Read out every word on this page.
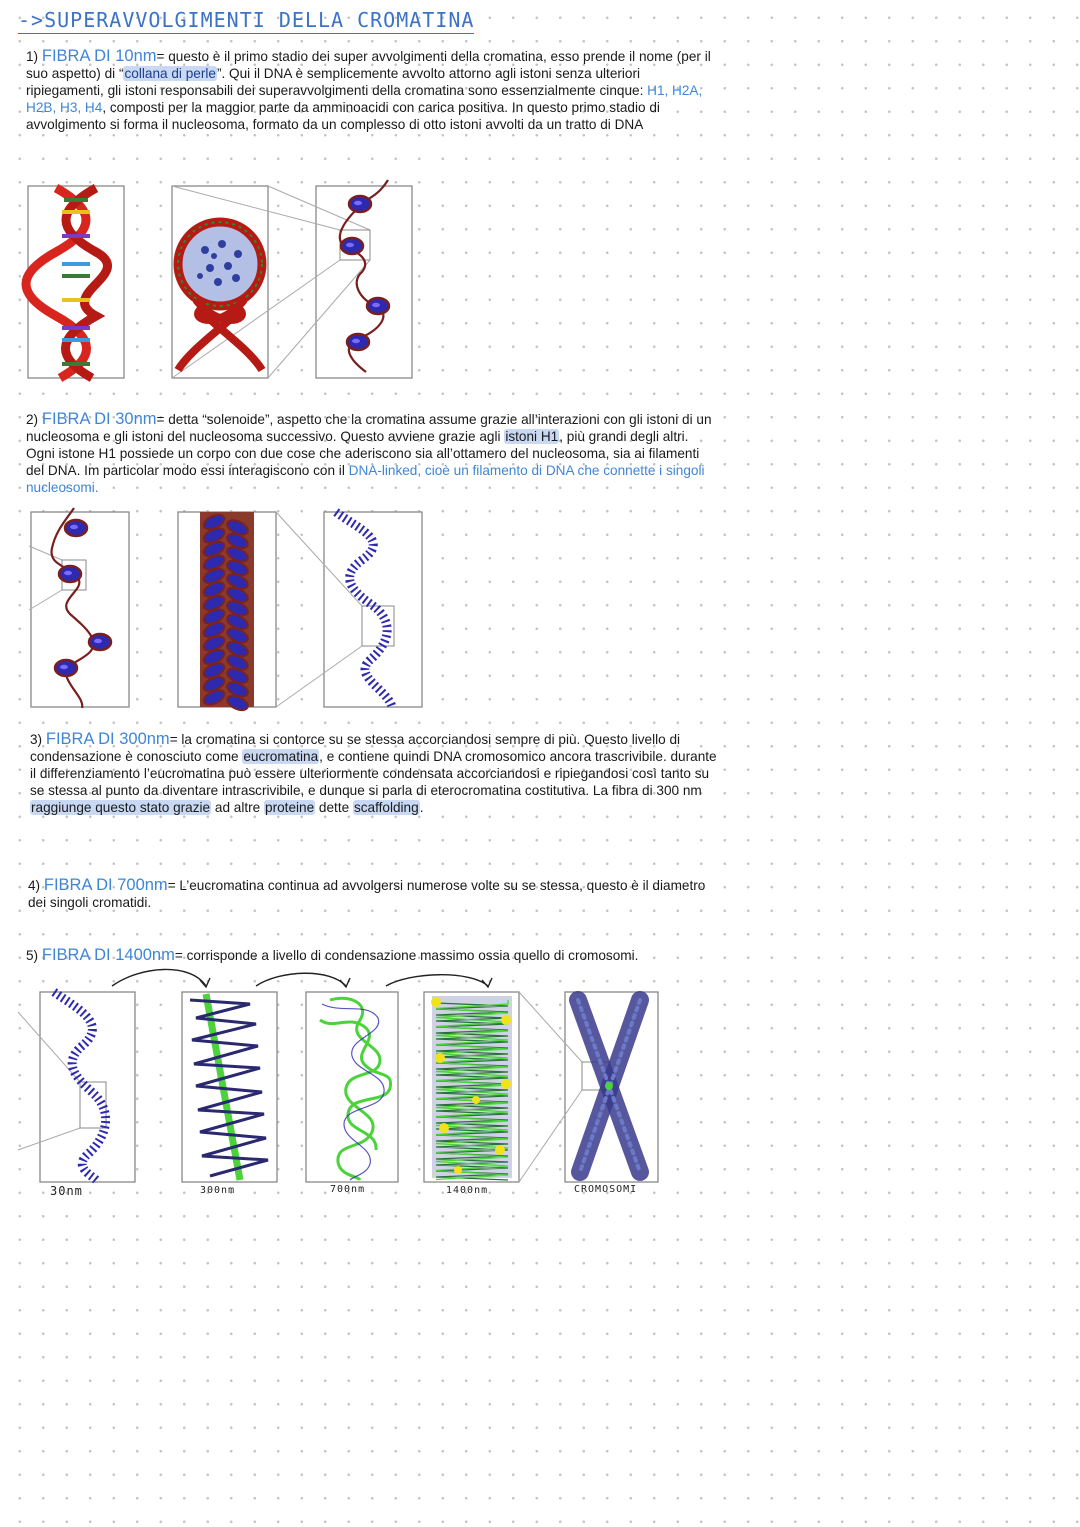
->SUPERAVVOLGIMENTI DELLA CROMATINA
1) FIBRA DI 10nm= questo è il primo stadio dei super avvolgimenti della cromatina, esso prende il nome (per il suo aspetto) di “collana di perle”. Qui il DNA è semplicemente avvolto attorno agli istoni senza ulteriori ripiegamenti, gli istoni responsabili dei superavvolgimenti della cromatina sono essenzialmente cinque: H1, H2A, H2B, H3, H4, composti per la maggior parte da amminoacidi con carica positiva. In questo primo stadio di avvolgimento si forma il nucleosoma, formato da un complesso di otto istoni avvolti da un tratto di DNA
2) FIBRA DI 30nm= detta “solenoide”, aspetto che la cromatina assume grazie all’interazioni con gli istoni di un nucleosoma e gli istoni del nucleosoma successivo. Questo avviene grazie agli istoni H1, più grandi degli altri. Ogni istone H1 possiede un corpo con due cose che aderiscono sia all’ottamero del nucleosoma, sia ai filamenti del DNA. Im particolar modo essi interagiscono con il DNA-linked, cioè un filamento di DNA che connette i singoli nucleosomi.
3) FIBRA DI 300nm= la cromatina si contorce su se stessa accorciandosi sempre di più. Questo livello di condensazione è conosciuto come eucromatina, e contiene quindi DNA cromosomico ancora trascrivibile. durante il differenziamento l’eucromatina può essere ulteriormente condensata accorciandosi e ripiegandosi così tanto su se stessa al punto da diventare intrascrivibile, e dunque si parla di eterocromatina costitutiva. La fibra di 300 nm raggiunge questo stato grazie ad altre proteine dette scaffolding.
4) FIBRA DI 700nm= L’eucromatina continua ad avvolgersi numerose volte su se stessa, questo è il diametro dei singoli cromatidi.
5) FIBRA DI 1400nm= corrisponde a livello di condensazione massimo ossia quello di cromosomi.
30nm	300nm	700nm	1400nm	CROMOSOMI
